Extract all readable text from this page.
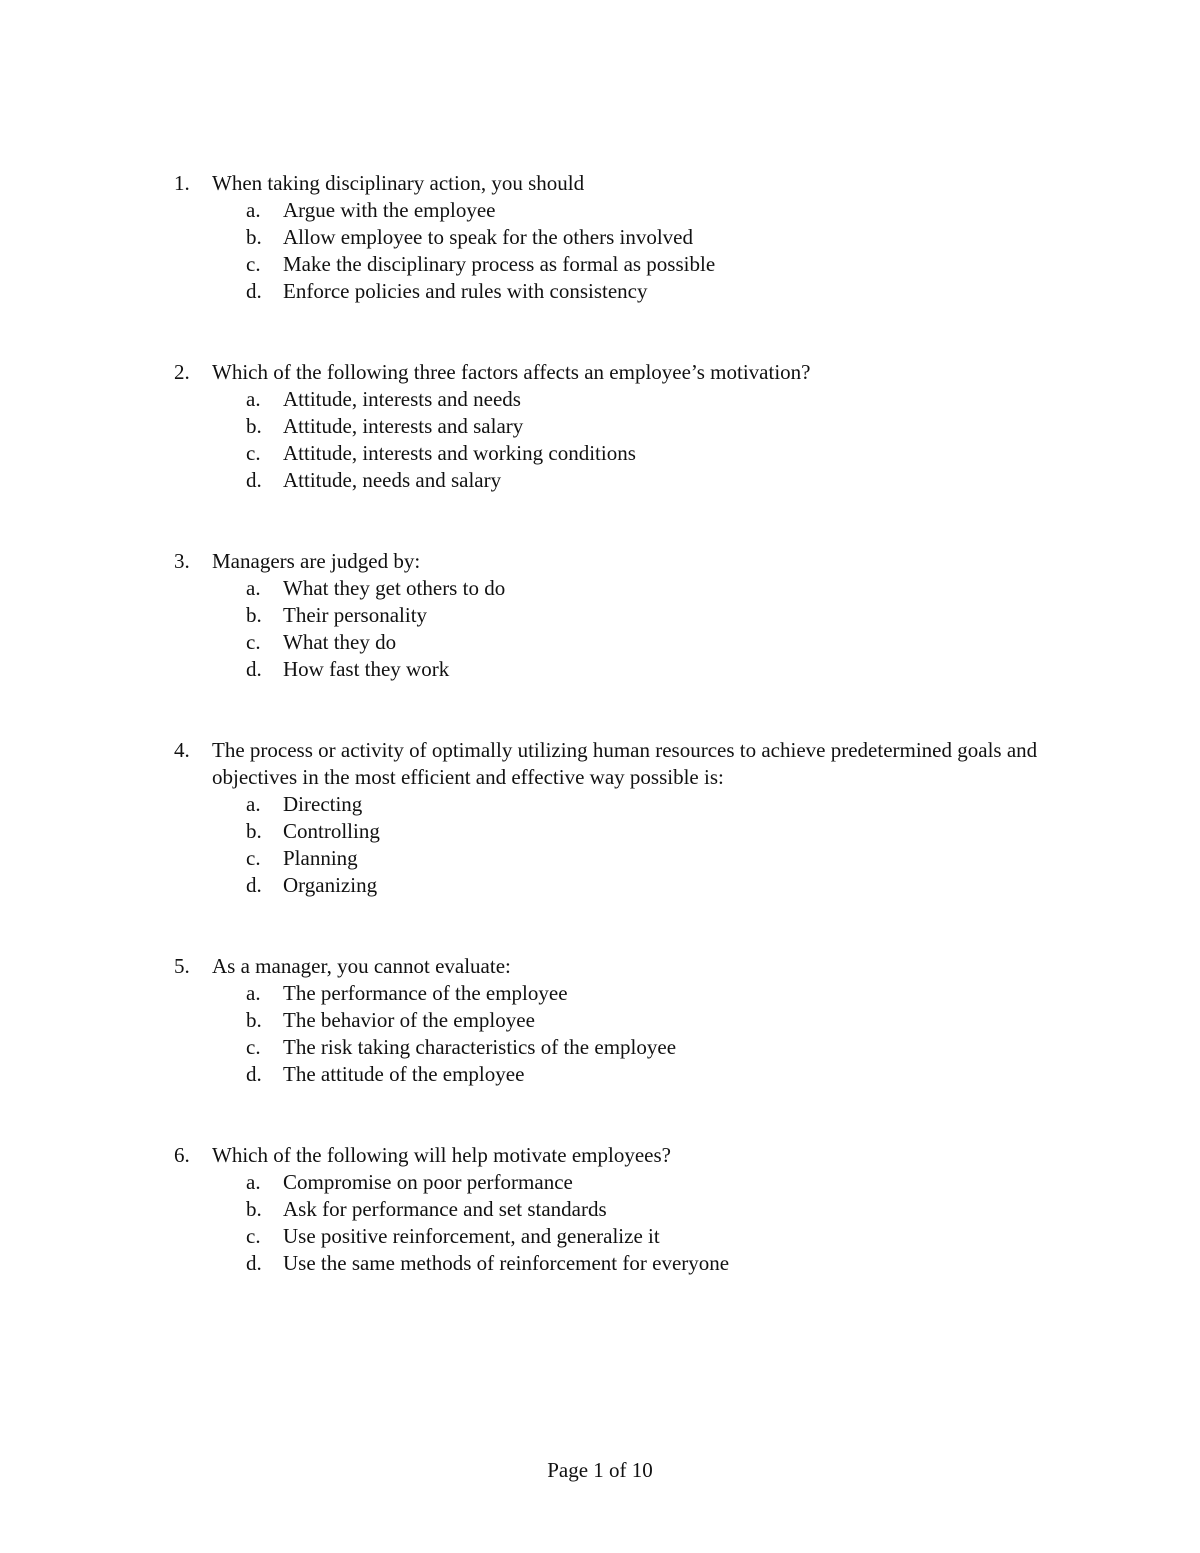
1. When taking disciplinary action, you should
a. Argue with the employee
b. Allow employee to speak for the others involved
c. Make the disciplinary process as formal as possible
d. Enforce policies and rules with consistency
2. Which of the following three factors affects an employee’s motivation?
a. Attitude, interests and needs
b. Attitude, interests and salary
c. Attitude, interests and working conditions
d. Attitude, needs and salary
3. Managers are judged by:
a. What they get others to do
b. Their personality
c. What they do
d. How fast they work
4. The process or activity of optimally utilizing human resources to achieve predetermined goals and objectives in the most efficient and effective way possible is:
a. Directing
b. Controlling
c. Planning
d. Organizing
5. As a manager, you cannot evaluate:
a. The performance of the employee
b. The behavior of the employee
c. The risk taking characteristics of the employee
d. The attitude of the employee
6. Which of the following will help motivate employees?
a. Compromise on poor performance
b. Ask for performance and set standards
c. Use positive reinforcement, and generalize it
d. Use the same methods of reinforcement for everyone
Page 1 of 10
